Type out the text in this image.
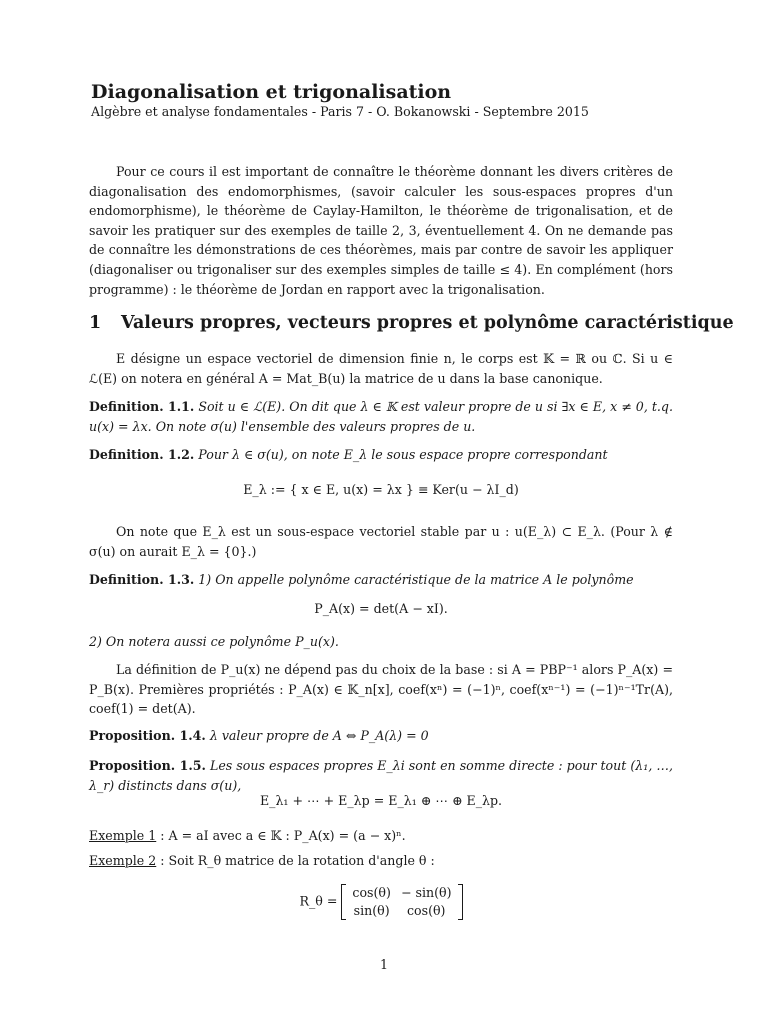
Diagonalisation et trigonalisation
Algèbre et analyse fondamentales - Paris 7 - O. Bokanowski - Septembre 2015
Pour ce cours il est important de connaître le théorème donnant les divers critères de diagonalisation des endomorphismes, (savoir calculer les sous-espaces propres d'un endomorphisme), le théorème de Caylay-Hamilton, le théorème de trigonalisation, et de savoir les pratiquer sur des exemples de taille 2, 3, éventuellement 4. On ne demande pas de connaître les démonstrations de ces théorèmes, mais par contre de savoir les appliquer (diagonaliser ou trigonaliser sur des exemples simples de taille ≤ 4). En complément (hors programme) : le théorème de Jordan en rapport avec la trigonalisation.
1 Valeurs propres, vecteurs propres et polynôme caractéristique
E désigne un espace vectoriel de dimension finie n, le corps est 𝕂 = ℝ ou ℂ. Si u ∈ ℒ(E) on notera en général A = Mat_B(u) la matrice de u dans la base canonique.
Definition. 1.1. Soit u ∈ ℒ(E). On dit que λ ∈ 𝕂 est valeur propre de u si ∃x ∈ E, x ≠ 0, t.q. u(x) = λx. On note σ(u) l'ensemble des valeurs propres de u.
Definition. 1.2. Pour λ ∈ σ(u), on note E_λ le sous espace propre correspondant
E_λ := { x ∈ E, u(x) = λx } ≡ Ker(u − λI_d)
On note que E_λ est un sous-espace vectoriel stable par u : u(E_λ) ⊂ E_λ. (Pour λ ∉ σ(u) on aurait E_λ = {0}.)
Definition. 1.3. 1) On appelle polynôme caractéristique de la matrice A le polynôme
P_A(x) = det(A − xI).
2) On notera aussi ce polynôme P_u(x).
La définition de P_u(x) ne dépend pas du choix de la base : si A = PBP⁻¹ alors P_A(x) = P_B(x). Premières propriétés : P_A(x) ∈ 𝕂_n[x], coef(xⁿ) = (−1)ⁿ, coef(xⁿ⁻¹) = (−1)ⁿ⁻¹Tr(A), coef(1) = det(A).
Proposition. 1.4. λ valeur propre de A ⇔ P_A(λ) = 0
Proposition. 1.5. Les sous espaces propres E_λi sont en somme directe : pour tout (λ₁, …, λ_r) distincts dans σ(u),
E_λ₁ + ⋯ + E_λp = E_λ₁ ⊕ ⋯ ⊕ E_λp.
Exemple 1 : A = aI avec a ∈ 𝕂 : P_A(x) = (a − x)ⁿ.
Exemple 2 : Soit R_θ matrice de la rotation d'angle θ :
R_θ =
cos(θ)	− sin(θ)
sin(θ)	cos(θ)
1
